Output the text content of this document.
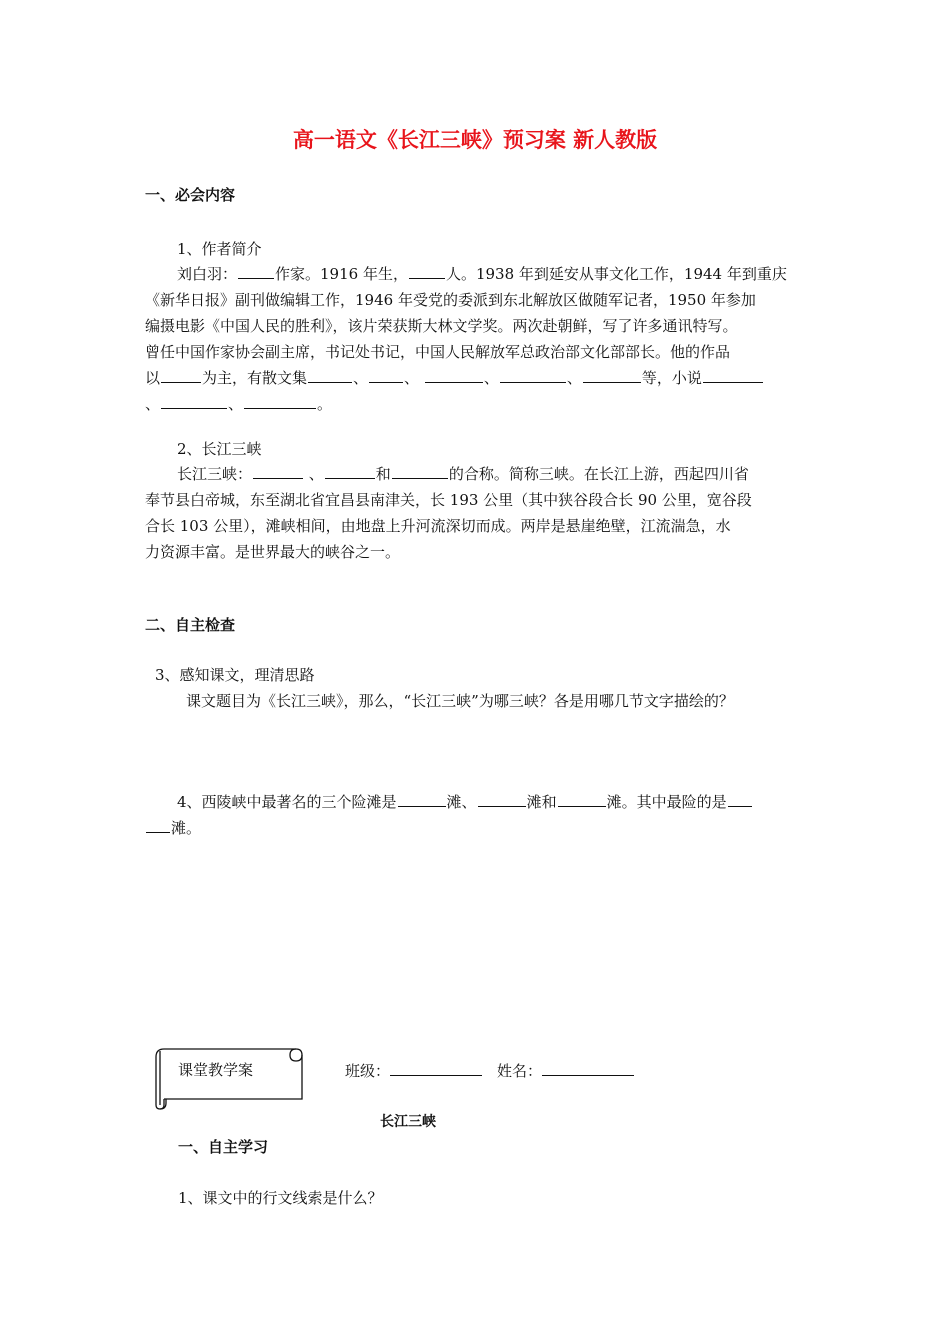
高一语文《长江三峡》预习案 新人教版
一、必会内容
1、作者简介
刘白羽：	作家。1916 年生，	人。1938 年到延安从事文化工作，1944 年到重庆
《新华日报》副刊做编辑工作，1946 年受党的委派到东北解放区做随军记者，1950 年参加
编摄电影《中国人民的胜利》，该片荣获斯大林文学奖。两次赴朝鲜，写了许多通讯特写。
曾任中国作家协会副主席，书记处书记，中国人民解放军总政治部文化部部长。他的作品
以	为主，有散文集	、 、	、	、	等，小说
、	、	。
2、长江三峡
长江三峡：	、	和	的合称。简称三峡。在长江上游，西起四川省
奉节县白帝城，东至湖北省宜昌县南津关，长 193 公里（其中狭谷段合长 90 公里，宽谷段
合长 103 公里），滩峡相间，由地盘上升河流深切而成。两岸是悬崖绝壁，江流湍急，水
力资源丰富。是世界最大的峡谷之一。
二、自主检查
3、感知课文，理清思路
课文题目为《长江三峡》，那么，“长江三峡”为哪三峡？各是用哪几节文字描绘的？
4、西陵峡中最著名的三个险滩是	滩、	滩和	滩。其中最险的是
滩。
课堂教学案	班级：	姓名：
长江三峡
一、自主学习
1、课文中的行文线索是什么？
